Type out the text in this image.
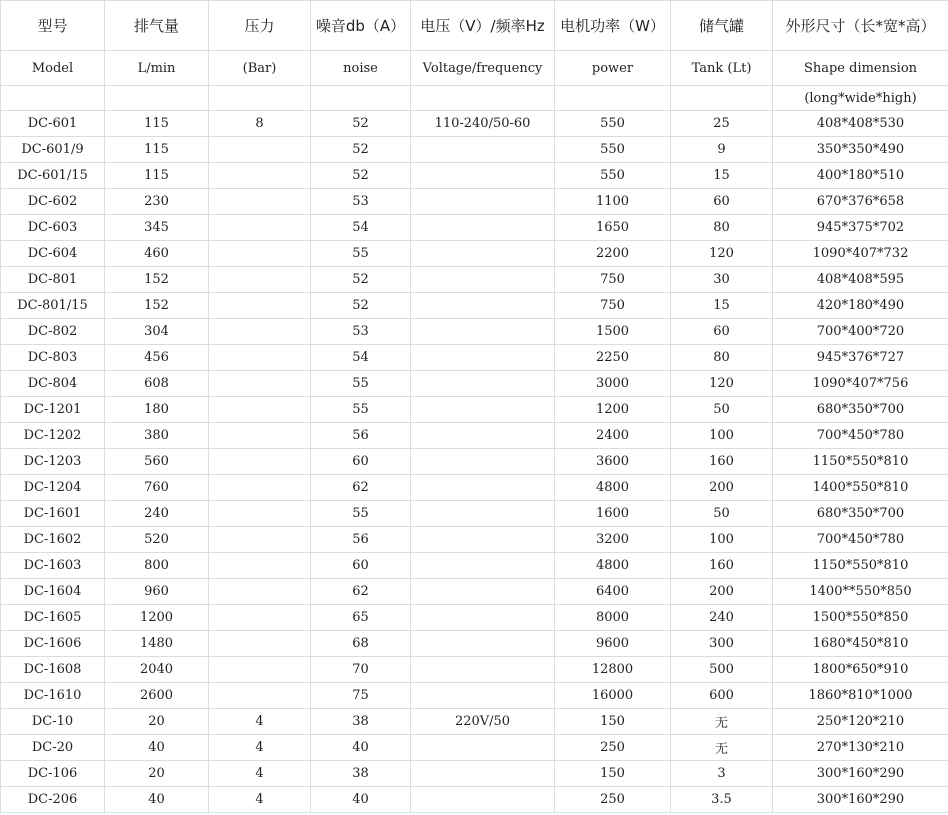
型号	排气量	压力	噪音db（A）	电压（V）/频率Hz	电机功率（W）	储气罐	外形尺寸（长*宽*高）
Model	L/min	(Bar)	noise	Voltage/frequency	power	Tank (Lt)	Shape dimension
							(long*wide*high)
DC-601	115	8	52	110-240/50-60	550	25	408*408*530
DC-601/9	115		52		550	9	350*350*490
DC-601/15	115		52		550	15	400*180*510
DC-602	230		53		1100	60	670*376*658
DC-603	345		54		1650	80	945*375*702
DC-604	460		55		2200	120	1090*407*732
DC-801	152		52		750	30	408*408*595
DC-801/15	152		52		750	15	420*180*490
DC-802	304		53		1500	60	700*400*720
DC-803	456		54		2250	80	945*376*727
DC-804	608		55		3000	120	1090*407*756
DC-1201	180		55		1200	50	680*350*700
DC-1202	380		56		2400	100	700*450*780
DC-1203	560		60		3600	160	1150*550*810
DC-1204	760		62		4800	200	1400*550*810
DC-1601	240		55		1600	50	680*350*700
DC-1602	520		56		3200	100	700*450*780
DC-1603	800		60		4800	160	1150*550*810
DC-1604	960		62		6400	200	1400**550*850
DC-1605	1200		65		8000	240	1500*550*850
DC-1606	1480		68		9600	300	1680*450*810
DC-1608	2040		70		12800	500	1800*650*910
DC-1610	2600		75		16000	600	1860*810*1000
DC-10	20	4	38	220V/50	150	无	250*120*210
DC-20	40	4	40		250	无	270*130*210
DC-106	20	4	38		150	3	300*160*290
DC-206	40	4	40		250	3.5	300*160*290
